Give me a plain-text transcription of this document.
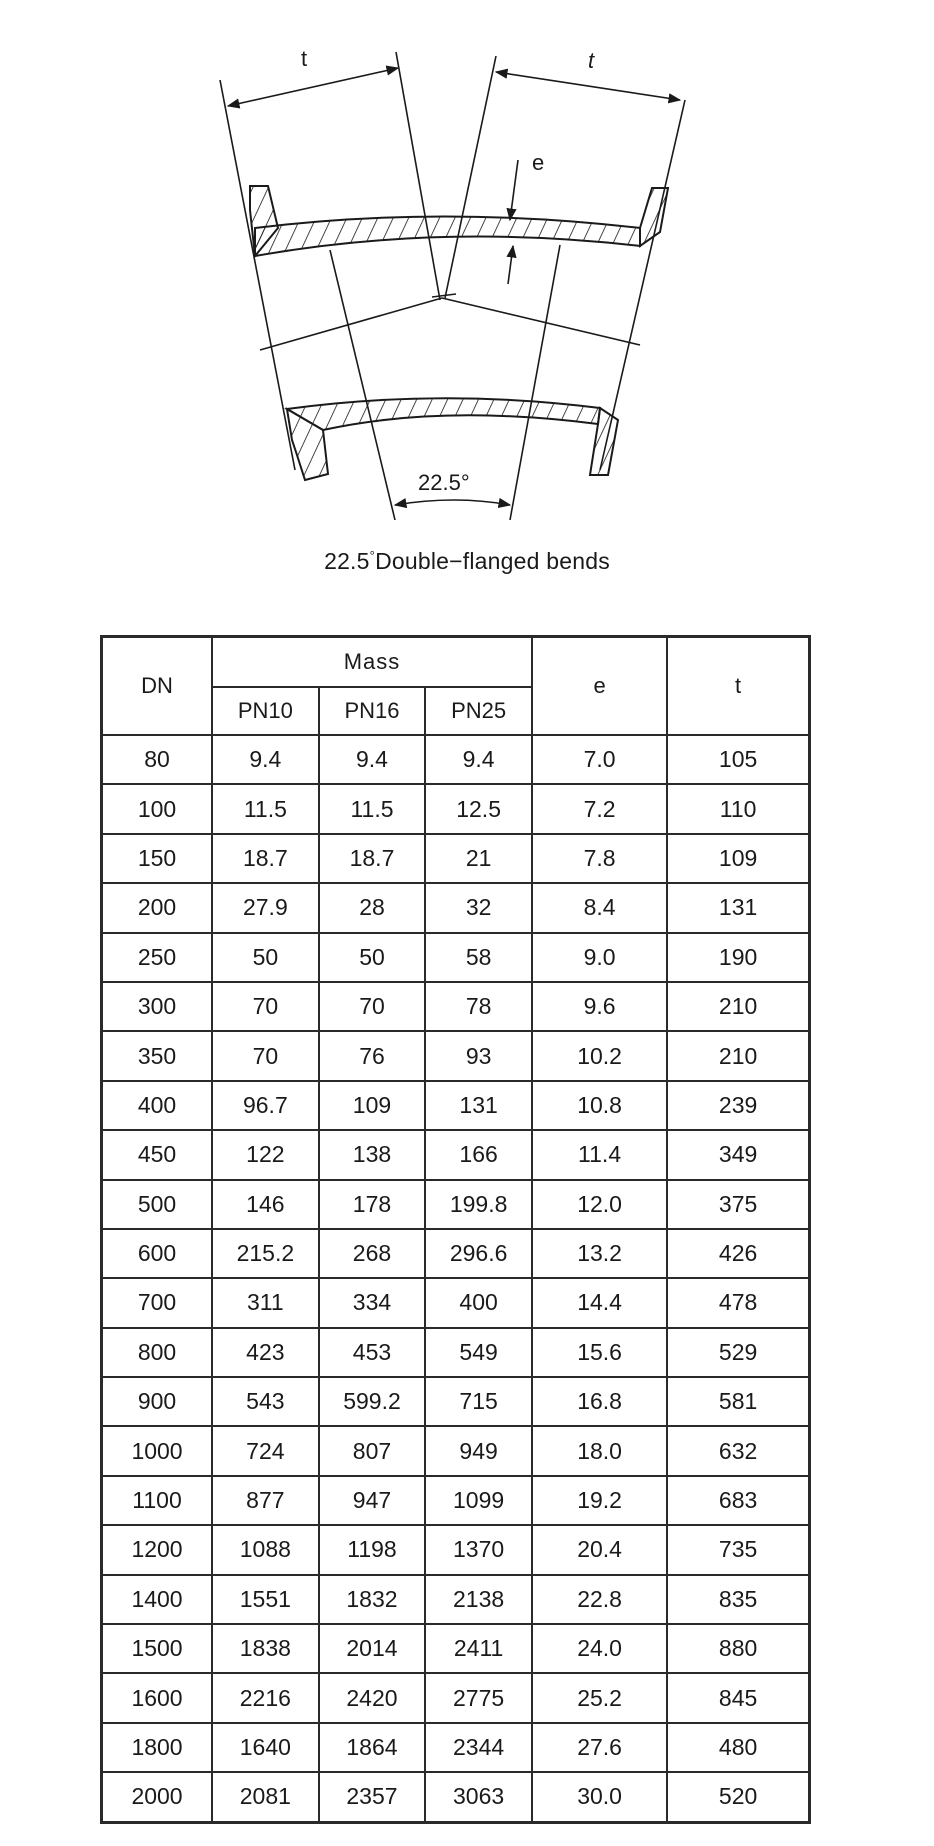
t	t
e
22.5°
22.5°Double−flanged bends
DN	Mass			e	t
	PN10	PN16	PN25		
80	9.4	9.4	9.4	7.0	105
100	11.5	11.5	12.5	7.2	110
150	18.7	18.7	21	7.8	109
200	27.9	28	32	8.4	131
250	50	50	58	9.0	190
300	70	70	78	9.6	210
350	70	76	93	10.2	210
400	96.7	109	131	10.8	239
450	122	138	166	11.4	349
500	146	178	199.8	12.0	375
600	215.2	268	296.6	13.2	426
700	311	334	400	14.4	478
800	423	453	549	15.6	529
900	543	599.2	715	16.8	581
1000	724	807	949	18.0	632
1100	877	947	1099	19.2	683
1200	1088	1198	1370	20.4	735
1400	1551	1832	2138	22.8	835
1500	1838	2014	2411	24.0	880
1600	2216	2420	2775	25.2	845
1800	1640	1864	2344	27.6	480
2000	2081	2357	3063	30.0	520
